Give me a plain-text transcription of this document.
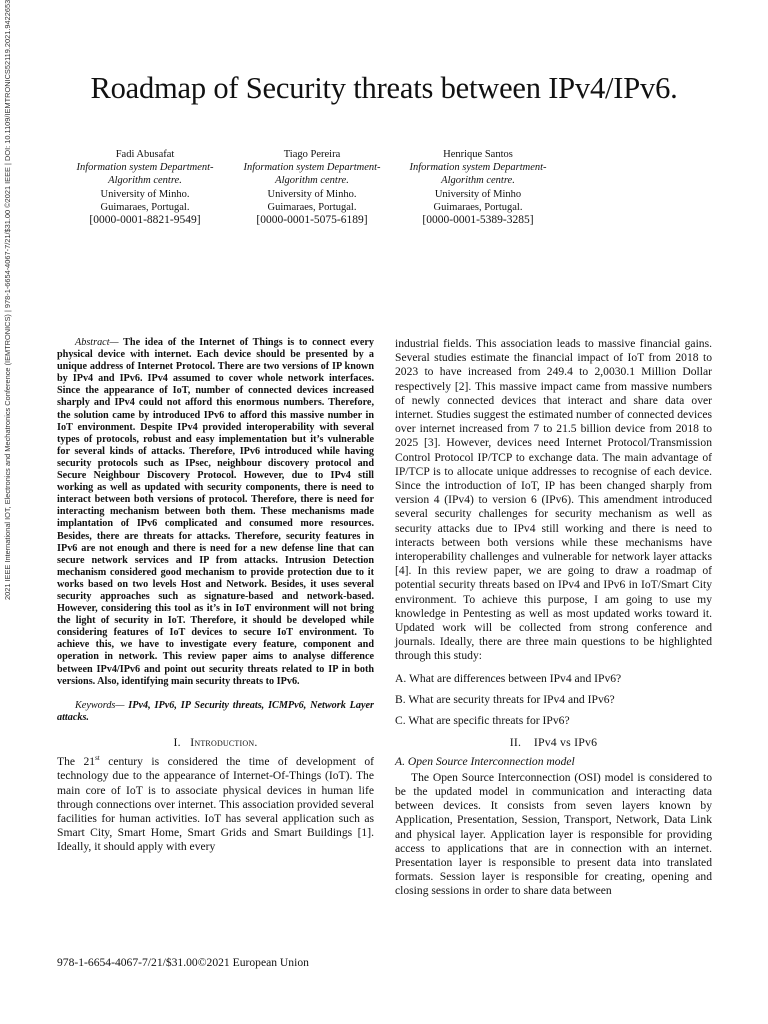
2021 IEEE International IOT, Electronics and Mechatronics Conference (IEMTRONICS) | 978-1-6654-4067-7/21/$31.00 ©2021 IEEE | DOI: 10.1109/IEMTRONICS52119.2021.9422653	Roadmap of Security threats between IPv4/IPv6.
Fadi Abusafat
Information system Department-
Algorithm centre.
University of Minho.
Guimaraes, Portugal.
[0000-0001-8821-9549]
Tiago Pereira
Information system Department-
Algorithm centre.
University of Minho.
Guimaraes, Portugal.
[0000-0001-5075-6189]
Henrique Santos
Information system Department-
Algorithm centre.
University of Minho
Guimaraes, Portugal.
[0000-0001-5389-3285]

Abstract— The idea of the Internet of Things is to connect every physical device with internet. Each device should be presented by a unique address of Internet Protocol. There are two versions of IP known by IPv4 and IPv6. IPv4 assumed to cover whole network interfaces. Since the appearance of IoT, number of connected devices increased sharply and IPv4 could not afford this enormous numbers. Therefore, the solution came by introduced IPv6 to afford this massive number in IoT environment. Despite IPv4 provided interoperability with several types of protocols, robust and easy implementation but it’s vulnerable for several kinds of attacks. Therefore, IPv6 introduced while having security protocols such as IPsec, neighbour discovery protocol and Secure Neighbour Discovery Protocol. However, due to IPv4 still working as well as updated with security components, there is need to interact between both versions of protocol. Therefore, there is need for interacting mechanism between both them. These mechanisms made implantation of IPv6 complicated and consumed more resources. Besides, there are threats for attacks. Therefore, security features in IPv6 are not enough and there is need for a new defense line that can secure network services and IP from attacks. Intrusion Detection mechanism considered good mechanism to provide protection due to it works based on two levels Host and Network. Besides, it uses several security approaches such as signature-based and network-based. However, considering this tool as it’s in IoT environment will not bring the light of security in IoT. Therefore, it should be developed while considering features of IoT devices to secure IoT environment. To achieve this, we have to investigate every feature, component and operation in network. This review paper aims to analyse difference between IPv4/IPv6 and point out security threats related to IP in both versions. Also, identifying main security threats to IPv6.

Keywords— IPv4, IPv6, IP Security threats, ICMPv6, Network Layer attacks.

I. Introduction.

The 21st century is considered the time of development of technology due to the appearance of Internet-Of-Things (IoT). The main core of IoT is to associate physical devices in human life through connections over internet. This association provided several facilities for human activities. IoT has several application such as Smart City, Smart Home, Smart Grids and Smart Buildings [1]. Ideally, it should apply with every

industrial fields. This association leads to massive financial gains. Several studies estimate the financial impact of IoT from 2018 to 2023 to have increased from 249.4 to 2,0030.1 Million Dollar respectively [2]. This massive impact came from massive numbers of newly connected devices that interact and share data over internet. Studies suggest the estimated number of connected devices over internet increased from 7 to 21.5 billion device from 2018 to 2025 [3]. However, devices need Internet Protocol/Transmission Control Protocol IP/TCP to exchange data. The main advantage of IP/TCP is to allocate unique addresses to recognise of each device. Since the introduction of IoT, IP has been changed sharply from version 4 (IPv4) to version 6 (IPv6). This amendment introduced several security challenges for security mechanism as well as security attacks due to IPv4 still working and there is need to interacts between both versions while these mechanisms have interoperability challenges and vulnerable for network layer attacks [4]. In this review paper, we are going to draw a roadmap of potential security threats based on IPv4 and IPv6 in IoT/Smart City environment. To achieve this purpose, I am going to use my knowledge in Pentesting as well as most updated works toward it. Updated work will be collected from strong conference and journals. Ideally, there are three main questions to be highlighted through this study:

A. What are differences between IPv4 and IPv6?
B. What are security threats for IPv4 and IPv6?
C. What are specific threats for IPv6?
II. IPv4 vs IPv6
A. Open Source Interconnection model

The Open Source Interconnection (OSI) model is considered to be the updated model in communication and interacting data between devices. It consists from seven layers known by Application, Presentation, Session, Transport, Network, Data Link and physical layer. Application layer is responsible for providing access to applications that are in connection with an internet. Presentation layer is responsible to present data into translated formats. Session layer is responsible for creating, opening and closing sessions in order to share data between

978-1-6654-4067-7/21/$31.00©2021 European Union
